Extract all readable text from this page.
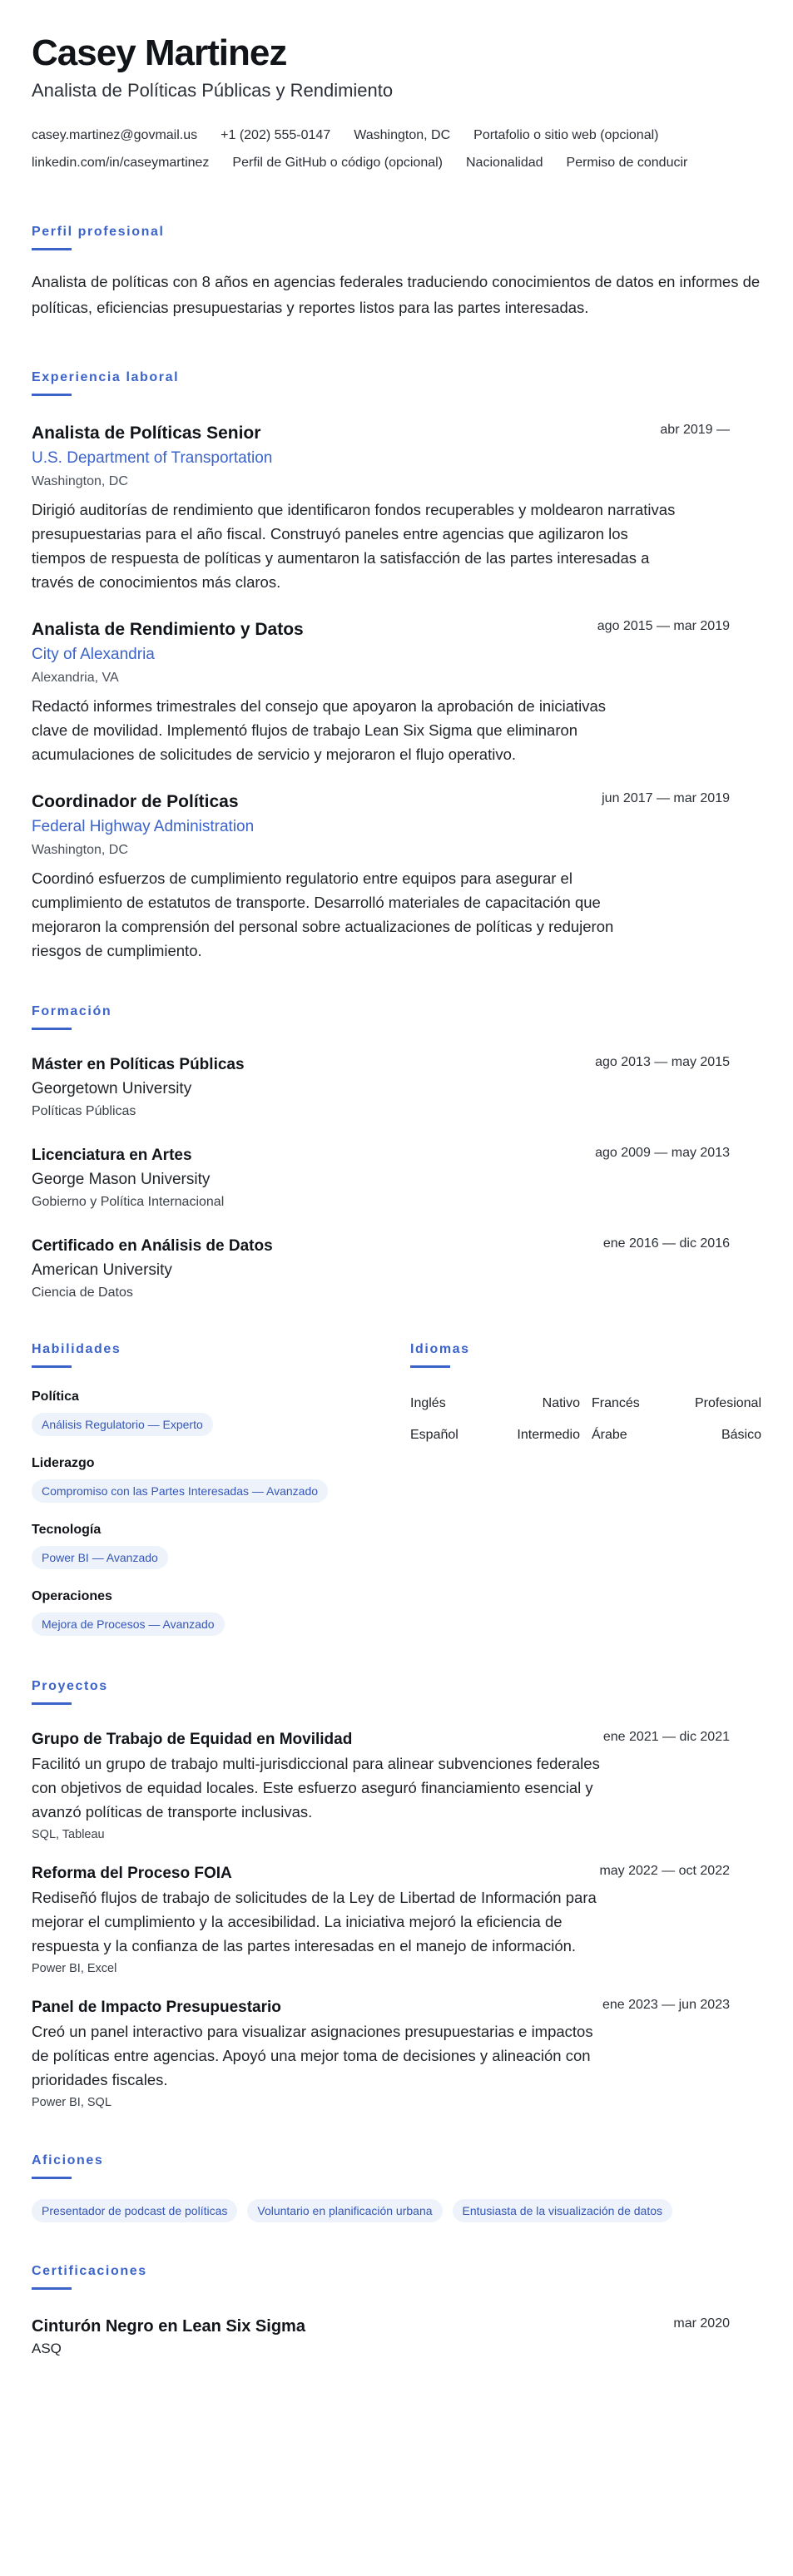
Casey Martinez
Analista de Políticas Públicas y Rendimiento
casey.martinez@govmail.us +1 (202) 555-0147 Washington, DC Portafolio o sitio web (opcional)
linkedin.com/in/caseymartinez Perfil de GitHub o código (opcional) Nacionalidad Permiso de conducir
Perfil profesional

Analista de políticas con 8 años en agencias federales traduciendo conocimientos de datos en informes de políticas, eficiencias presupuestarias y reportes listos para las partes interesadas.

Experiencia laboral
abr 2019 —
Analista de Políticas Senior
U.S. Department of Transportation
Washington, DC

Dirigió auditorías de rendimiento que identificaron fondos recuperables y moldearon narrativas presupuestarias para el año fiscal. Construyó paneles entre agencias que agilizaron los tiempos de respuesta de políticas y aumentaron la satisfacción de las partes interesadas a través de conocimientos más claros.

ago 2015 — mar 2019
Analista de Rendimiento y Datos
City of Alexandria
Alexandria, VA

Redactó informes trimestrales del consejo que apoyaron la aprobación de iniciativas clave de movilidad. Implementó flujos de trabajo Lean Six Sigma que eliminaron acumulaciones de solicitudes de servicio y mejoraron el flujo operativo.

jun 2017 — mar 2019
Coordinador de Políticas
Federal Highway Administration
Washington, DC

Coordinó esfuerzos de cumplimiento regulatorio entre equipos para asegurar el cumplimiento de estatutos de transporte. Desarrolló materiales de capacitación que mejoraron la comprensión del personal sobre actualizaciones de políticas y redujeron riesgos de cumplimiento.

Formación
ago 2013 — may 2015
Máster en Políticas Públicas
Georgetown University
Políticas Públicas
ago 2009 — may 2013
Licenciatura en Artes
George Mason University
Gobierno y Política Internacional
ene 2016 — dic 2016
Certificado en Análisis de Datos
American University
Ciencia de Datos
Habilidades
Política
Análisis Regulatorio — Experto
Liderazgo
Compromiso con las Partes Interesadas — Avanzado
Tecnología
Power BI — Avanzado
Operaciones
Mejora de Procesos — Avanzado
Idiomas
Inglés	Nativo Francés	Profesional
Español	Intermedio Árabe	Básico
Proyectos
ene 2021 — dic 2021
Grupo de Trabajo de Equidad en Movilidad

Facilitó un grupo de trabajo multi-jurisdiccional para alinear subvenciones federales con objetivos de equidad locales. Este esfuerzo aseguró financiamiento esencial y avanzó políticas de transporte inclusivas.

SQL, Tableau
may 2022 — oct 2022
Reforma del Proceso FOIA

Rediseñó flujos de trabajo de solicitudes de la Ley de Libertad de Información para mejorar el cumplimiento y la accesibilidad. La iniciativa mejoró la eficiencia de respuesta y la confianza de las partes interesadas en el manejo de información.

Power BI, Excel
ene 2023 — jun 2023
Panel de Impacto Presupuestario

Creó un panel interactivo para visualizar asignaciones presupuestarias e impactos de políticas entre agencias. Apoyó una mejor toma de decisiones y alineación con prioridades fiscales.

Power BI, SQL
Aficiones
Presentador de podcast de políticas	Voluntario en planificación urbana	Entusiasta de la visualización de datos
Certificaciones
mar 2020
Cinturón Negro en Lean Six Sigma
ASQ
